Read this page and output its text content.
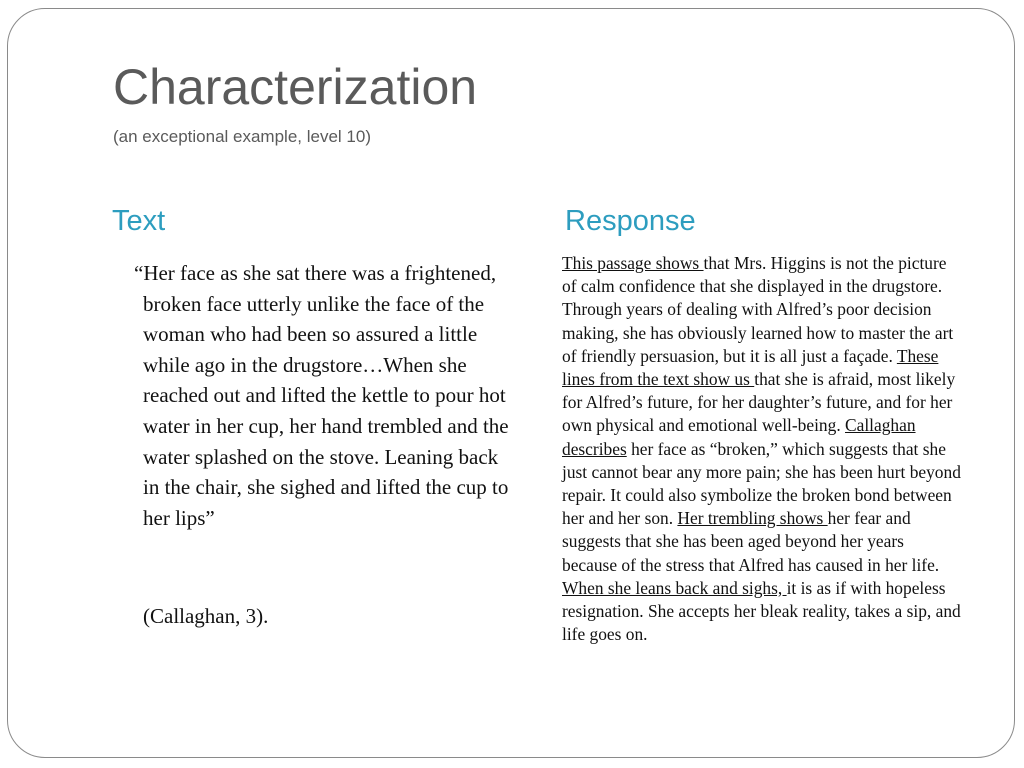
Characterization
(an exceptional example, level 10)
Text	Response

“Her face as she sat there was a frightened, broken face utterly unlike the face of the woman who had been so assured a little while ago in the drugstore…When she reached out and lifted the kettle to pour hot water in her cup, her hand trembled and the water splashed on the stove. Leaning back in the chair, she sighed and lifted the cup to her lips”

(Callaghan, 3).

This passage shows that Mrs. Higgins is not the picture of calm confidence that she displayed in the drugstore. Through years of dealing with Alfred’s poor decision making, she has obviously learned how to master the art of friendly persuasion, but it is all just a façade. These lines from the text show us that she is afraid, most likely for Alfred’s future, for her daughter’s future, and for her own physical and emotional well-being. Callaghan describes her face as “broken,” which suggests that she just cannot bear any more pain; she has been hurt beyond repair. It could also symbolize the broken bond between her and her son. Her trembling shows her fear and suggests that she has been aged beyond her years because of the stress that Alfred has caused in her life. When she leans back and sighs, it is as if with hopeless resignation. She accepts her bleak reality, takes a sip, and life goes on.
